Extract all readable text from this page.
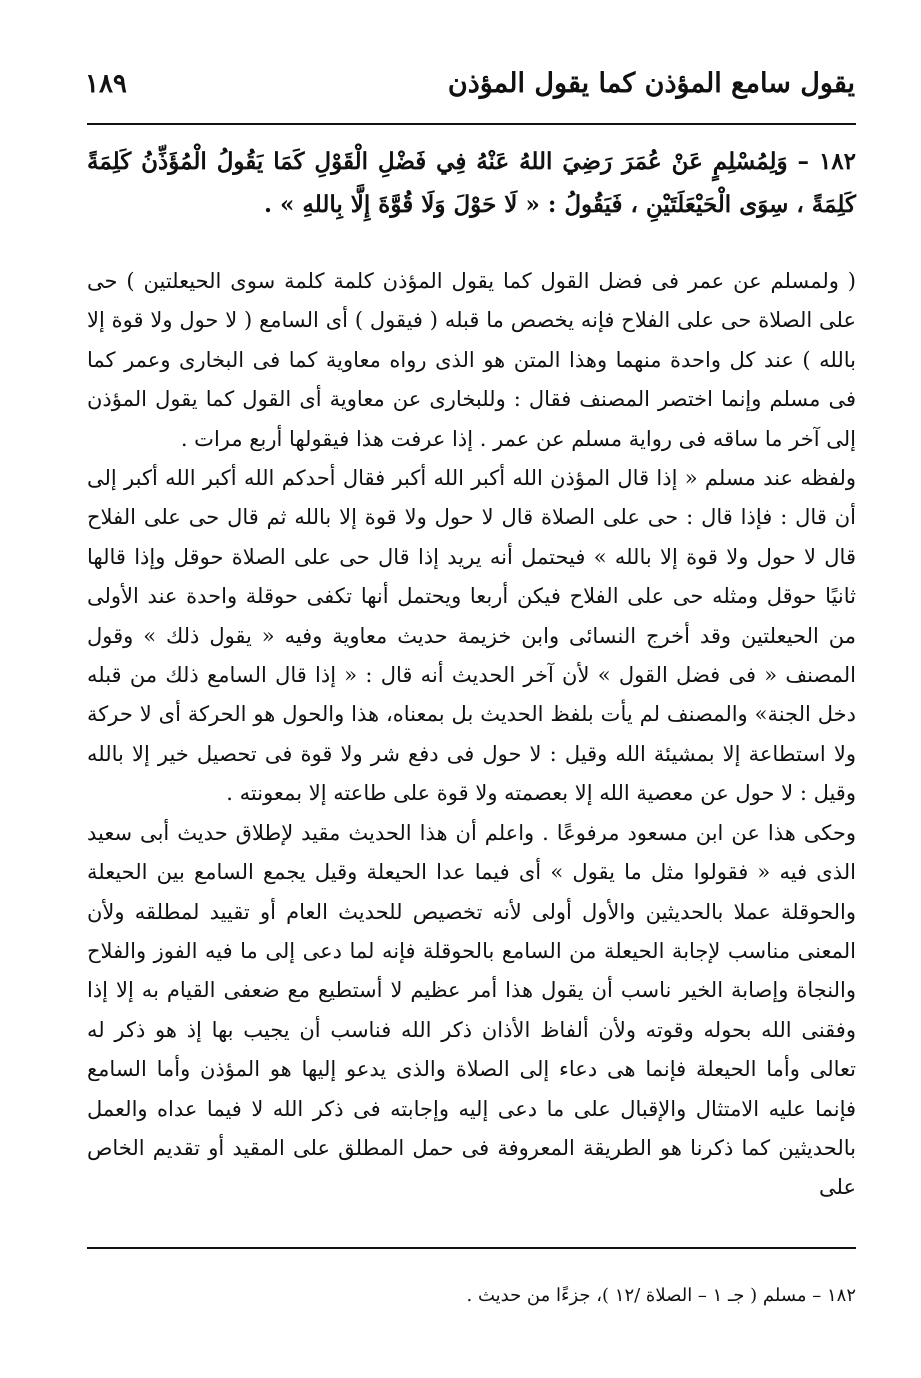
يقول سامع المؤذن كما يقول المؤذن
١٨٩
١٨٢ – وَلِمُسْلِمٍ عَنْ عُمَرَ رَضِيَ اللهُ عَنْهُ فِي فَضْلِ الْقَوْلِ كَمَا يَقُولُ الْمُؤَذِّنُ كَلِمَةً كَلِمَةً ، سِوَى الْحَيْعَلَتَيْنِ ، فَيَقُولُ : « لَا حَوْلَ وَلَا قُوَّةَ إِلَّا بِاللهِ » .

( ولمسلم عن عمر فى فضل القول كما يقول المؤذن كلمة كلمة سوى الحيعلتين ) حى على الصلاة حى على الفلاح فإنه يخصص ما قبله ( فيقول ) أى السامع ( لا حول ولا قوة إلا بالله ) عند كل واحدة منهما وهذا المتن هو الذى رواه معاوية كما فى البخارى وعمر كما فى مسلم وإنما اختصر المصنف فقال : وللبخارى عن معاوية أى القول كما يقول المؤذن إلى آخر ما ساقه فى رواية مسلم عن عمر . إذا عرفت هذا فيقولها أربع مرات .

ولفظه عند مسلم « إذا قال المؤذن الله أكبر الله أكبر فقال أحدكم الله أكبر الله أكبر إلى أن قال : فإذا قال : حى على الصلاة قال لا حول ولا قوة إلا بالله ثم قال حى على الفلاح قال لا حول ولا قوة إلا بالله » فيحتمل أنه يريد إذا قال حى على الصلاة حوقل وإذا قالها ثانيًا حوقل ومثله حى على الفلاح فيكن أربعا ويحتمل أنها تكفى حوقلة واحدة عند الأولى من الحيعلتين وقد أخرج النسائى وابن خزيمة حديث معاوية وفيه « يقول ذلك » وقول المصنف « فى فضل القول » لأن آخر الحديث أنه قال : « إذا قال السامع ذلك من قبله دخل الجنة» والمصنف لم يأت بلفظ الحديث بل بمعناه، هذا والحول هو الحركة أى لا حركة ولا استطاعة إلا بمشيئة الله وقيل : لا حول فى دفع شر ولا قوة فى تحصيل خير إلا بالله وقيل : لا حول عن معصية الله إلا بعصمته ولا قوة على طاعته إلا بمعونته .

وحكى هذا عن ابن مسعود مرفوعًا . واعلم أن هذا الحديث مقيد لإطلاق حديث أبى سعيد الذى فيه « فقولوا مثل ما يقول » أى فيما عدا الحيعلة وقيل يجمع السامع بين الحيعلة والحوقلة عملا بالحديثين والأول أولى لأنه تخصيص للحديث العام أو تقييد لمطلقه ولأن المعنى مناسب لإجابة الحيعلة من السامع بالحوقلة فإنه لما دعى إلى ما فيه الفوز والفلاح والنجاة وإصابة الخير ناسب أن يقول هذا أمر عظيم لا أستطيع مع ضعفى القيام به إلا إذا وفقنى الله بحوله وقوته ولأن ألفاظ الأذان ذكر الله فناسب أن يجيب بها إذ هو ذكر له تعالى وأما الحيعلة فإنما هى دعاء إلى الصلاة والذى يدعو إليها هو المؤذن وأما السامع فإنما عليه الامتثال والإقبال على ما دعى إليه وإجابته فى ذكر الله لا فيما عداه والعمل بالحديثين كما ذكرنا هو الطريقة المعروفة فى حمل المطلق على المقيد أو تقديم الخاص على

١٨٢ – مسلم ( جـ ١ – الصلاة /١٢ )، جزءًا من حديث .
